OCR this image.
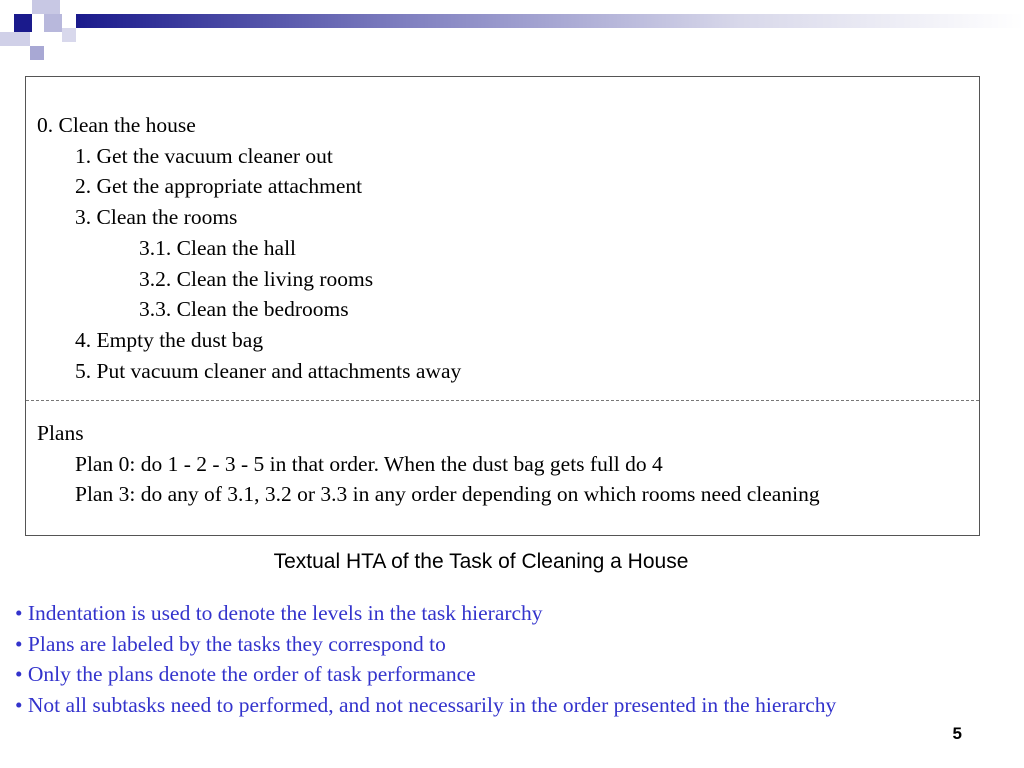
0. Clean the house
1. Get the vacuum cleaner out
2. Get the appropriate attachment
3. Clean the rooms
3.1. Clean the hall
3.2. Clean the living rooms
3.3. Clean the bedrooms
4. Empty the dust bag
5. Put vacuum cleaner and attachments away
Plans
Plan 0: do 1 - 2 - 3 - 5 in that order. When the dust bag gets full do 4
Plan 3: do any of 3.1, 3.2 or 3.3 in any order depending on which rooms need cleaning
Textual HTA of the Task of Cleaning a House
• Indentation is used to denote the levels in the task hierarchy
• Plans are labeled by the tasks they correspond to
• Only the plans denote the order of task performance
• Not all subtasks need to performed, and not necessarily in the order presented in the hierarchy
5
